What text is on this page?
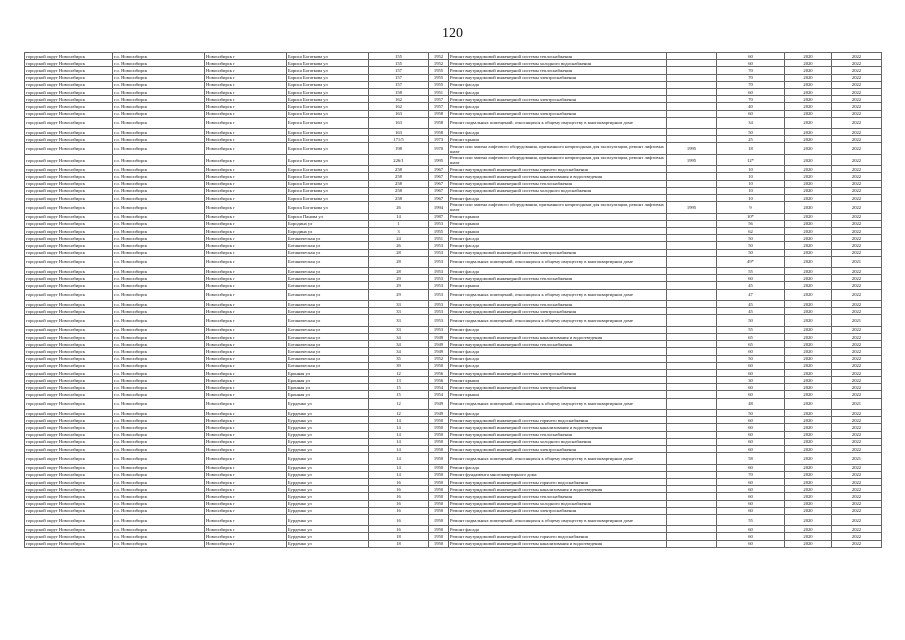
120
городской округ Новосибирск	г.о. Новосибирск	Новосибирск г	Бориса Богаткова ул	155	1952	Ремонт внутридомовой инженерной системы теплоснабжения		60	2020	2022
городской округ Новосибирск	г.о. Новосибирск	Новосибирск г	Бориса Богаткова ул	155	1952	Ремонт внутридомовой инженерной системы холодного водоснабжения		60	2020	2022
городской округ Новосибирск	г.о. Новосибирск	Новосибирск г	Бориса Богаткова ул	157	1955	Ремонт внутридомовой инженерной системы теплоснабжения		70	2020	2022
городской округ Новосибирск	г.о. Новосибирск	Новосибирск г	Бориса Богаткова ул	157	1955	Ремонт внутридомовой инженерной системы электроснабжения		70	2020	2022
городской округ Новосибирск	г.о. Новосибирск	Новосибирск г	Бориса Богаткова ул	157	1955	Ремонт фасада		70	2020	2022
городской округ Новосибирск	г.о. Новосибирск	Новосибирск г	Бориса Богаткова ул	158	1951	Ремонт фасада		60	2020	2022
городской округ Новосибирск	г.о. Новосибирск	Новосибирск г	Бориса Богаткова ул	162	1957	Ремонт внутридомовой инженерной системы электроснабжения		70	2020	2022
городской округ Новосибирск	г.о. Новосибирск	Новосибирск г	Бориса Богаткова ул	162	1957	Ремонт фасада		40	2020	2022
городской округ Новосибирск	г.о. Новосибирск	Новосибирск г	Бориса Богаткова ул	163	1958	Ремонт внутридомовой инженерной системы электроснабжения		60	2020	2022
городской округ Новосибирск	г.о. Новосибирск	Новосибирск г	Бориса Богаткова ул	163	1958	Ремонт подвальных помещений, относящихся к общему имуществу в многоквартирном доме		34	2020	2022
городской округ Новосибирск	г.о. Новосибирск	Новосибирск г	Бориса Богаткова ул	163	1958	Ремонт фасада		50	2020	2022
городской округ Новосибирск	г.о. Новосибирск	Новосибирск г	Бориса Богаткова ул	171/5	1973	Ремонт крыши		25	2020	2022
городской округ Новосибирск	г.о. Новосибирск	Новосибирск г	Бориса Богаткова ул	198	1970	Ремонт или замена лифтового оборудования, признанного непригодным для эксплуатации, ремонт лифтовых шахт	1995	18	2020	2022
городской округ Новосибирск	г.о. Новосибирск	Новосибирск г	Бориса Богаткова ул	226/1	1995	Ремонт или замена лифтового оборудования, признанного непригодным для эксплуатации, ремонт лифтовых шахт	1995	12*	2020	2022
городской округ Новосибирск	г.о. Новосибирск	Новосибирск г	Бориса Богаткова ул	258	1967	Ремонт внутридомовой инженерной системы горячего водоснабжения		10	2020	2022
городской округ Новосибирск	г.о. Новосибирск	Новосибирск г	Бориса Богаткова ул	258	1967	Ремонт внутридомовой инженерной системы канализования и водоотведения		10	2020	2022
городской округ Новосибирск	г.о. Новосибирск	Новосибирск г	Бориса Богаткова ул	258	1967	Ремонт внутридомовой инженерной системы теплоснабжения		10	2020	2022
городской округ Новосибирск	г.о. Новосибирск	Новосибирск г	Бориса Богаткова ул	258	1967	Ремонт внутридомовой инженерной системы холодного водоснабжения		10	2020	2022
городской округ Новосибирск	г.о. Новосибирск	Новосибирск г	Бориса Богаткова ул	258	1967	Ремонт фасада		10	2020	2022
городской округ Новосибирск	г.о. Новосибирск	Новосибирск г	Бориса Богаткова ул	26	1994	Ремонт или замена лифтового оборудования, признанного непригодным для эксплуатации, ремонт лифтовых шахт	1995	9	2020	2022
городской округ Новосибирск	г.о. Новосибирск	Новосибирск г	Бориса Панова ул	14	1987	Ремонт крыши		10*	2020	2022
городской округ Новосибирск	г.о. Новосибирск	Новосибирск г	Бородина ул	1	1953	Ремонт крыши		56	2020	2022
городской округ Новосибирск	г.о. Новосибирск	Новосибирск г	Бородина ул	3	1955	Ремонт крыши		62	2020	2022
городской округ Новосибирск	г.о. Новосибирск	Новосибирск г	Ботаническая ул	24	1951	Ремонт фасада		50	2020	2022
городской округ Новосибирск	г.о. Новосибирск	Новосибирск г	Ботаническая ул	26	1953	Ремонт фасада		50	2020	2022
городской округ Новосибирск	г.о. Новосибирск	Новосибирск г	Ботаническая ул	28	1953	Ремонт внутридомовой инженерной системы электроснабжения		50	2020	2022
городской округ Новосибирск	г.о. Новосибирск	Новосибирск г	Ботаническая ул	28	1953	Ремонт подвальных помещений, относящихся к общему имуществу в многоквартирном доме		49*	2020	2021
городской округ Новосибирск	г.о. Новосибирск	Новосибирск г	Ботаническая ул	28	1953	Ремонт фасада		55	2020	2022
городской округ Новосибирск	г.о. Новосибирск	Новосибирск г	Ботаническая ул	29	1953	Ремонт внутридомовой инженерной системы теплоснабжения		60	2020	2022
городской округ Новосибирск	г.о. Новосибирск	Новосибирск г	Ботаническая ул	29	1953	Ремонт крыши		45	2020	2022
городской округ Новосибирск	г.о. Новосибирск	Новосибирск г	Ботаническая ул	29	1953	Ремонт подвальных помещений, относящихся к общему имуществу в многоквартирном доме		47	2020	2022
городской округ Новосибирск	г.о. Новосибирск	Новосибирск г	Ботаническая ул	33	1953	Ремонт внутридомовой инженерной системы теплоснабжения		45	2020	2022
городской округ Новосибирск	г.о. Новосибирск	Новосибирск г	Ботаническая ул	33	1953	Ремонт внутридомовой инженерной системы электроснабжения		45	2020	2022
городской округ Новосибирск	г.о. Новосибирск	Новосибирск г	Ботаническая ул	33	1953	Ремонт подвальных помещений, относящихся к общему имуществу в многоквартирном доме		50	2020	2021
городской округ Новосибирск	г.о. Новосибирск	Новосибирск г	Ботаническая ул	33	1953	Ремонт фасада		55	2020	2022
городской округ Новосибирск	г.о. Новосибирск	Новосибирск г	Ботаническая ул	34	1949	Ремонт внутридомовой инженерной системы канализования и водоотведения		65	2020	2022
городской округ Новосибирск	г.о. Новосибирск	Новосибирск г	Ботаническая ул	34	1949	Ремонт внутридомовой инженерной системы теплоснабжения		65	2020	2022
городской округ Новосибирск	г.о. Новосибирск	Новосибирск г	Ботаническая ул	34	1949	Ремонт фасада		60	2020	2022
городской округ Новосибирск	г.о. Новосибирск	Новосибирск г	Ботаническая ул	35	1952	Ремонт фасада		50	2020	2022
городской округ Новосибирск	г.о. Новосибирск	Новосибирск г	Ботаническая ул	39	1950	Ремонт фасада		60	2020	2022
городской округ Новосибирск	г.о. Новосибирск	Новосибирск г	Бронная ул	12	1956	Ремонт внутридомовой инженерной системы электроснабжения		60	2020	2022
городской округ Новосибирск	г.о. Новосибирск	Новосибирск г	Бронная ул	13	1956	Ремонт крыши		30	2020	2022
городской округ Новосибирск	г.о. Новосибирск	Новосибирск г	Бронная ул	15	1954	Ремонт внутридомовой инженерной системы электроснабжения		60	2020	2022
городской округ Новосибирск	г.о. Новосибирск	Новосибирск г	Бронная ул	15	1954	Ремонт крыши		60	2020	2022
городской округ Новосибирск	г.о. Новосибирск	Новосибирск г	Бурденко ул	12	1949	Ремонт подвальных помещений, относящихся к общему имуществу в многоквартирном доме		48	2020	2021
городской округ Новосибирск	г.о. Новосибирск	Новосибирск г	Бурденко ул	12	1949	Ремонт фасада		50	2020	2022
городской округ Новосибирск	г.о. Новосибирск	Новосибирск г	Бурденко ул	14	1950	Ремонт внутридомовой инженерной системы горячего водоснабжения		60	2020	2022
городской округ Новосибирск	г.о. Новосибирск	Новосибирск г	Бурденко ул	14	1950	Ремонт внутридомовой инженерной системы канализования и водоотведения		60	2020	2022
городской округ Новосибирск	г.о. Новосибирск	Новосибирск г	Бурденко ул	14	1950	Ремонт внутридомовой инженерной системы теплоснабжения		60	2020	2022
городской округ Новосибирск	г.о. Новосибирск	Новосибирск г	Бурденко ул	14	1950	Ремонт внутридомовой инженерной системы холодного водоснабжения		60	2020	2022
городской округ Новосибирск	г.о. Новосибирск	Новосибирск г	Бурденко ул	14	1950	Ремонт внутридомовой инженерной системы электроснабжения		60	2020	2022
городской округ Новосибирск	г.о. Новосибирск	Новосибирск г	Бурденко ул	14	1950	Ремонт подвальных помещений, относящихся к общему имуществу в многоквартирном доме		58	2020	2021
городской округ Новосибирск	г.о. Новосибирск	Новосибирск г	Бурденко ул	14	1950	Ремонт фасада		60	2020	2022
городской округ Новосибирск	г.о. Новосибирск	Новосибирск г	Бурденко ул	14	1950	Ремонт фундамента многоквартирного дома		70	2020	2022
городской округ Новосибирск	г.о. Новосибирск	Новосибирск г	Бурденко ул	16	1950	Ремонт внутридомовой инженерной системы горячего водоснабжения		60	2020	2022
городской округ Новосибирск	г.о. Новосибирск	Новосибирск г	Бурденко ул	16	1950	Ремонт внутридомовой инженерной системы канализования и водоотведения		60	2020	2022
городской округ Новосибирск	г.о. Новосибирск	Новосибирск г	Бурденко ул	16	1950	Ремонт внутридомовой инженерной системы теплоснабжения		60	2020	2022
городской округ Новосибирск	г.о. Новосибирск	Новосибирск г	Бурденко ул	16	1950	Ремонт внутридомовой инженерной системы холодного водоснабжения		60	2020	2022
городской округ Новосибирск	г.о. Новосибирск	Новосибирск г	Бурденко ул	16	1950	Ремонт внутридомовой инженерной системы электроснабжения		60	2020	2022
городской округ Новосибирск	г.о. Новосибирск	Новосибирск г	Бурденко ул	16	1950	Ремонт подвальных помещений, относящихся к общему имуществу в многоквартирном доме		55	2020	2022
городской округ Новосибирск	г.о. Новосибирск	Новосибирск г	Бурденко ул	16	1950	Ремонт фасада		60	2020	2022
городской округ Новосибирск	г.о. Новосибирск	Новосибирск г	Бурденко ул	18	1950	Ремонт внутридомовой инженерной системы горячего водоснабжения		60	2020	2022
городской округ Новосибирск	г.о. Новосибирск	Новосибирск г	Бурденко ул	18	1950	Ремонт внутридомовой инженерной системы канализования и водоотведения		60	2020	2022
